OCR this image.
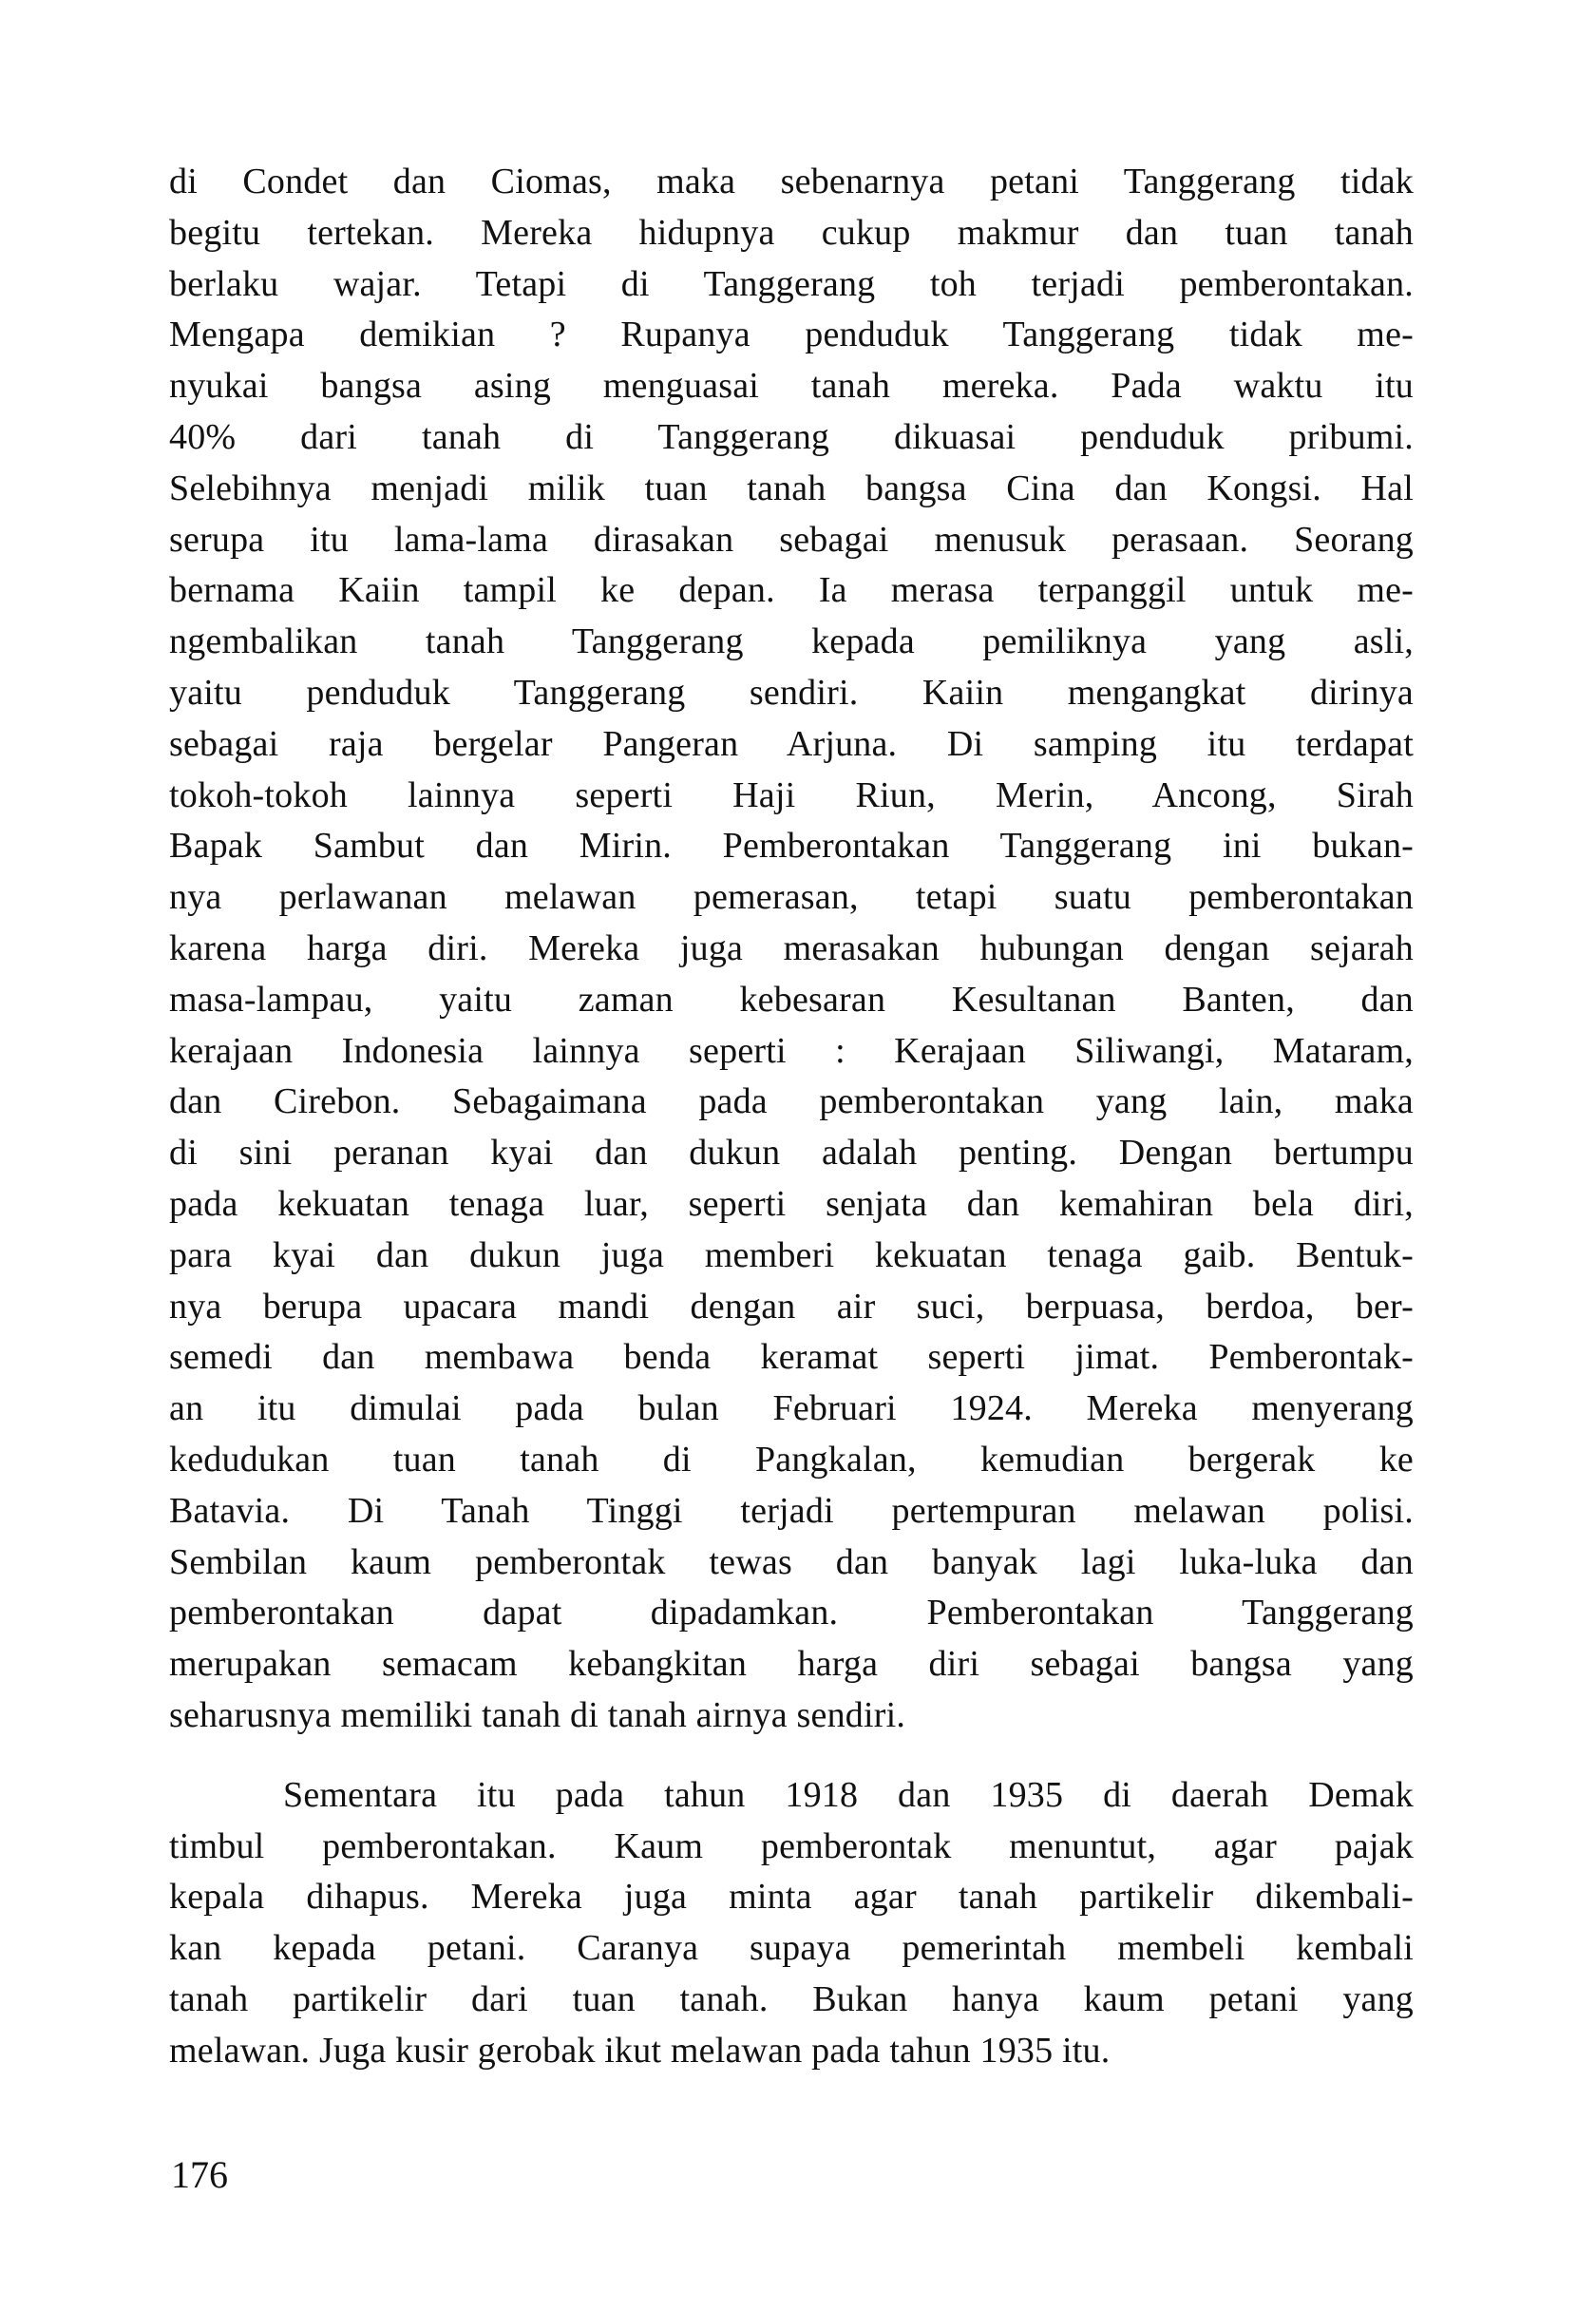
di Condet dan Ciomas, maka sebenarnya petani Tanggerang tidak
begitu tertekan. Mereka hidupnya cukup makmur dan tuan tanah
berlaku wajar. Tetapi di Tanggerang toh terjadi pemberontakan.
Mengapa demikian ? Rupanya penduduk Tanggerang tidak me-
nyukai bangsa asing menguasai tanah mereka. Pada waktu itu
40% dari tanah di Tanggerang dikuasai penduduk pribumi.
Selebihnya menjadi milik tuan tanah bangsa Cina dan Kongsi. Hal
serupa itu lama-lama dirasakan sebagai menusuk perasaan. Seorang
bernama Kaiin tampil ke depan. Ia merasa terpanggil untuk me-
ngembalikan tanah Tanggerang kepada pemiliknya yang asli,
yaitu penduduk Tanggerang sendiri. Kaiin mengangkat dirinya
sebagai raja bergelar Pangeran Arjuna. Di samping itu terdapat
tokoh-tokoh lainnya seperti Haji Riun, Merin, Ancong, Sirah
Bapak Sambut dan Mirin. Pemberontakan Tanggerang ini bukan-
nya perlawanan melawan pemerasan, tetapi suatu pemberontakan
karena harga diri. Mereka juga merasakan hubungan dengan sejarah
masa-lampau, yaitu zaman kebesaran Kesultanan Banten, dan
kerajaan Indonesia lainnya seperti : Kerajaan Siliwangi, Mataram,
dan Cirebon. Sebagaimana pada pemberontakan yang lain, maka
di sini peranan kyai dan dukun adalah penting. Dengan bertumpu
pada kekuatan tenaga luar, seperti senjata dan kemahiran bela diri,
para kyai dan dukun juga memberi kekuatan tenaga gaib. Bentuk-
nya berupa upacara mandi dengan air suci, berpuasa, berdoa, ber-
semedi dan membawa benda keramat seperti jimat. Pemberontak-
an itu dimulai pada bulan Februari 1924. Mereka menyerang
kedudukan tuan tanah di Pangkalan, kemudian bergerak ke
Batavia. Di Tanah Tinggi terjadi pertempuran melawan polisi.
Sembilan kaum pemberontak tewas dan banyak lagi luka-luka dan
pemberontakan dapat dipadamkan. Pemberontakan Tanggerang
merupakan semacam kebangkitan harga diri sebagai bangsa yang
seharusnya memiliki tanah di tanah airnya sendiri.
Sementara itu pada tahun 1918 dan 1935 di daerah Demak
timbul pemberontakan. Kaum pemberontak menuntut, agar pajak
kepala dihapus. Mereka juga minta agar tanah partikelir dikembali-
kan kepada petani. Caranya supaya pemerintah membeli kembali
tanah partikelir dari tuan tanah. Bukan hanya kaum petani yang
melawan. Juga kusir gerobak ikut melawan pada tahun 1935 itu.
176
